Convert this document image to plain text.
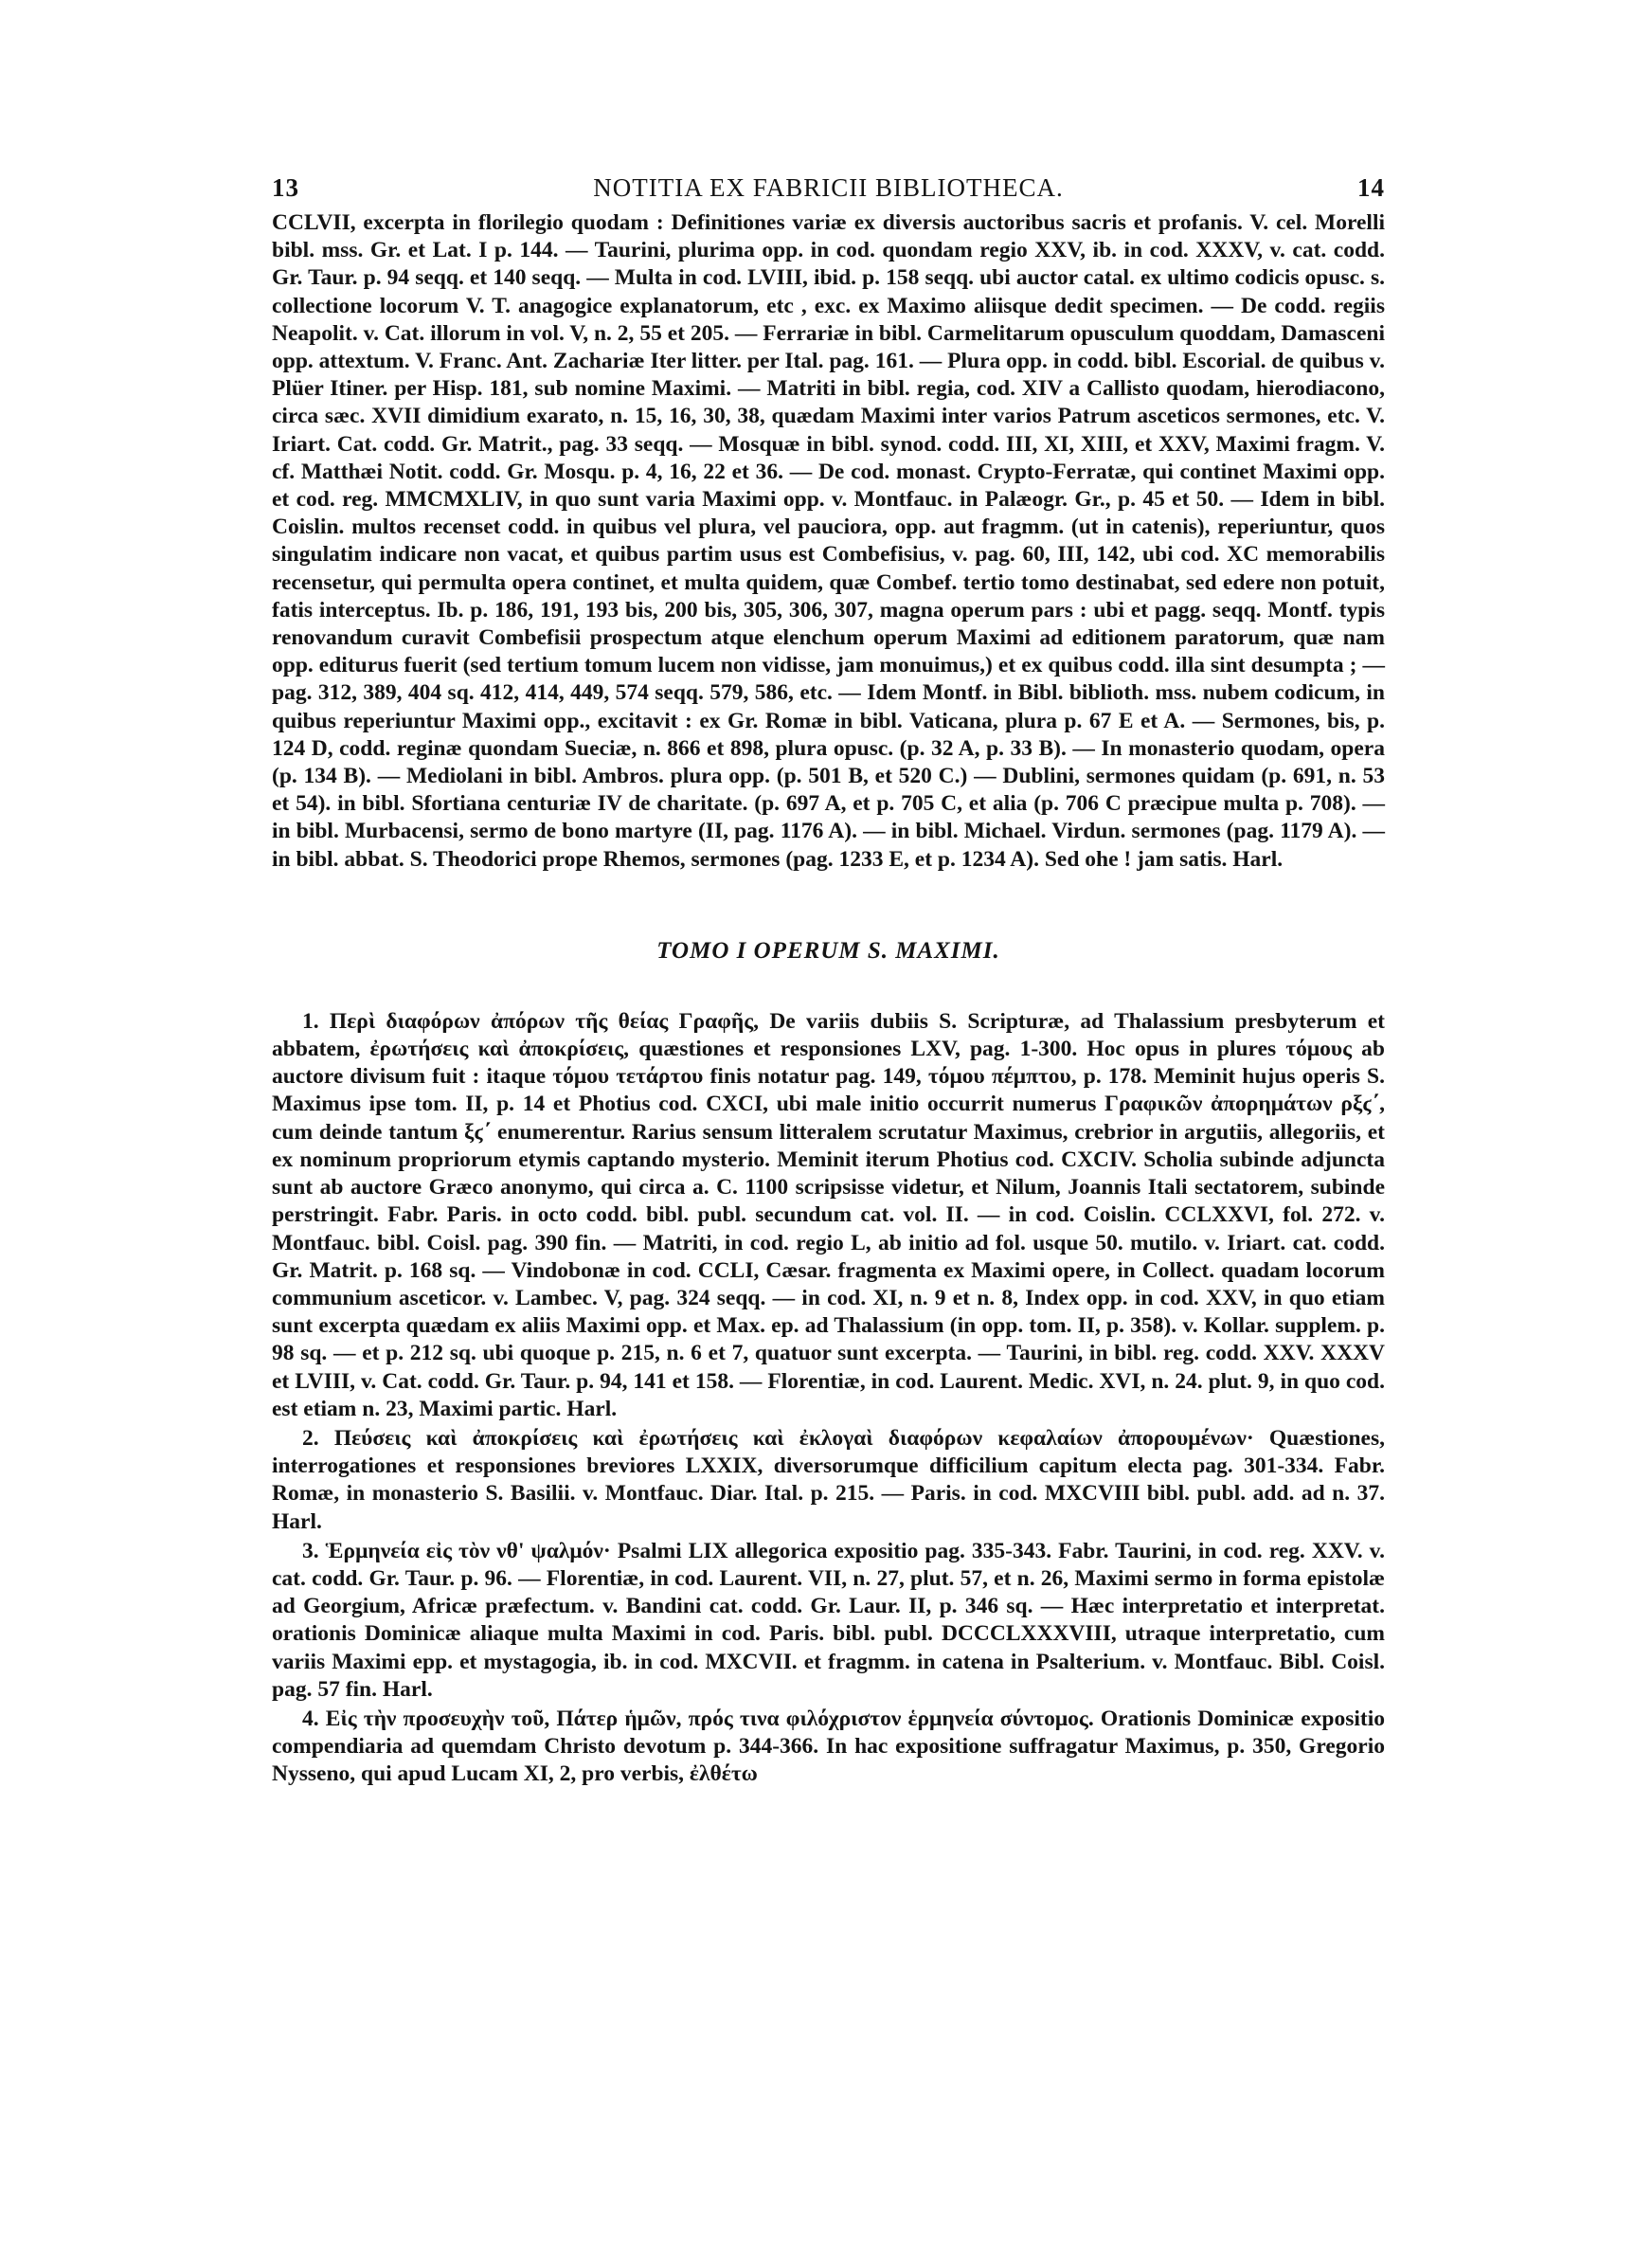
13	NOTITIA EX FABRICII BIBLIOTHECA.	14

CCLVII, excerpta in florilegio quodam : Definitiones variæ ex diversis auctoribus sacris et profanis. V. cel. Morelli bibl. mss. Gr. et Lat. I p. 144. — Taurini, plurima opp. in cod. quondam regio XXV, ib. in cod. XXXV, v. cat. codd. Gr. Taur. p. 94 seqq. et 140 seqq. — Multa in cod. LVIII, ibid. p. 158 seqq. ubi auctor catal. ex ultimo codicis opusc. s. collectione locorum V. T. anagogice explanatorum, etc , exc. ex Maximo aliisque dedit specimen. — De codd. regiis Neapolit. v. Cat. illorum in vol. V, n. 2, 55 et 205. — Ferrariæ in bibl. Carmelitarum opusculum quoddam, Damasceni opp. attextum. V. Franc. Ant. Zachariæ Iter litter. per Ital. pag. 161. — Plura opp. in codd. bibl. Escorial. de quibus v. Plüer Itiner. per Hisp. 181, sub nomine Maximi. — Matriti in bibl. regia, cod. XIV a Callisto quodam, hierodiacono, circa sæc. XVII dimidium exarato, n. 15, 16, 30, 38, quædam Maximi inter varios Patrum asceticos sermones, etc. V. Iriart. Cat. codd. Gr. Matrit., pag. 33 seqq. — Mosquæ in bibl. synod. codd. III, XI, XIII, et XXV, Maximi fragm. V. cf. Matthæi Notit. codd. Gr. Mosqu. p. 4, 16, 22 et 36. — De cod. monast. Crypto-Ferratæ, qui continet Maximi opp. et cod. reg. MMCMXLIV, in quo sunt varia Maximi opp. v. Montfauc. in Palæogr. Gr., p. 45 et 50. — Idem in bibl. Coislin. multos recenset codd. in quibus vel plura, vel pauciora, opp. aut fragmm. (ut in catenis), reperiuntur, quos singulatim indicare non vacat, et quibus partim usus est Combefisius, v. pag. 60, III, 142, ubi cod. XC memorabilis recensetur, qui permulta opera continet, et multa quidem, quæ Combef. tertio tomo destinabat, sed edere non potuit, fatis interceptus. Ib. p. 186, 191, 193 bis, 200 bis, 305, 306, 307, magna operum pars : ubi et pagg. seqq. Montf. typis renovandum curavit Combefisii prospectum atque elenchum operum Maximi ad editionem paratorum, quæ nam opp. editurus fuerit (sed tertium tomum lucem non vidisse, jam monuimus,) et ex quibus codd. illa sint desumpta ; — pag. 312, 389, 404 sq. 412, 414, 449, 574 seqq. 579, 586, etc. — Idem Montf. in Bibl. biblioth. mss. nubem codicum, in quibus reperiuntur Maximi opp., excitavit : ex Gr. Romæ in bibl. Vaticana, plura p. 67 E et A. — Sermones, bis, p. 124 D, codd. reginæ quondam Sueciæ, n. 866 et 898, plura opusc. (p. 32 A, p. 33 B). — In monasterio quodam, opera (p. 134 B). — Mediolani in bibl. Ambros. plura opp. (p. 501 B, et 520 C.) — Dublini, sermones quidam (p. 691, n. 53 et 54). in bibl. Sfortiana centuriæ IV de charitate. (p. 697 A, et p. 705 C, et alia (p. 706 C præcipue multa p. 708). — in bibl. Murbacensi, sermo de bono martyre (II, pag. 1176 A). — in bibl. Michael. Virdun. sermones (pag. 1179 A). — in bibl. abbat. S. Theodorici prope Rhemos, sermones (pag. 1233 E, et p. 1234 A). Sed ohe ! jam satis. Harl.

TOMO I OPERUM S. MAXIMI.

1. Περὶ διαφόρων ἀπόρων τῆς θείας Γραφῆς, De variis dubiis S. Scripturæ, ad Thalassium presbyterum et abbatem, ἐρωτήσεις καὶ ἀποκρίσεις, quæstiones et responsiones LXV, pag. 1-300. Hoc opus in plures τόμους ab auctore divisum fuit : itaque τόμου τετάρτου finis notatur pag. 149, τόμου πέμπτου, p. 178. Meminit hujus operis S. Maximus ipse tom. II, p. 14 et Photius cod. CXCI, ubi male initio occurrit numerus Γραφικῶν ἀπορημάτων ρξϛ΄, cum deinde tantum ξϛ΄ enumerentur. Rarius sensum litteralem scrutatur Maximus, crebrior in argutiis, allegoriis, et ex nominum propriorum etymis captando mysterio. Meminit iterum Photius cod. CXCIV. Scholia subinde adjuncta sunt ab auctore Græco anonymo, qui circa a. C. 1100 scripsisse videtur, et Nilum, Joannis Itali sectatorem, subinde perstringit. Fabr. Paris. in octo codd. bibl. publ. secundum cat. vol. II. — in cod. Coislin. CCLXXVI, fol. 272. v. Montfauc. bibl. Coisl. pag. 390 fin. — Matriti, in cod. regio L, ab initio ad fol. usque 50. mutilo. v. Iriart. cat. codd. Gr. Matrit. p. 168 sq. — Vindobonæ in cod. CCLI, Cæsar. fragmenta ex Maximi opere, in Collect. quadam locorum communium asceticor. v. Lambec. V, pag. 324 seqq. — in cod. XI, n. 9 et n. 8, Index opp. in cod. XXV, in quo etiam sunt excerpta quædam ex aliis Maximi opp. et Max. ep. ad Thalassium (in opp. tom. II, p. 358). v. Kollar. supplem. p. 98 sq. — et p. 212 sq. ubi quoque p. 215, n. 6 et 7, quatuor sunt excerpta. — Taurini, in bibl. reg. codd. XXV. XXXV et LVIII, v. Cat. codd. Gr. Taur. p. 94, 141 et 158. — Florentiæ, in cod. Laurent. Medic. XVI, n. 24. plut. 9, in quo cod. est etiam n. 23, Maximi partic. Harl.

2. Πεύσεις καὶ ἀποκρίσεις καὶ ἐρωτήσεις καὶ ἐκλογαὶ διαφόρων κεφαλαίων ἀπορουμένων· Quæstiones, interrogationes et responsiones breviores LXXIX, diversorumque difficilium capitum electa pag. 301-334. Fabr. Romæ, in monasterio S. Basilii. v. Montfauc. Diar. Ital. p. 215. — Paris. in cod. MXCVIII bibl. publ. add. ad n. 37. Harl.

3. Ἑρμηνεία εἰς τὸν νθ' ψαλμόν· Psalmi LIX allegorica expositio pag. 335-343. Fabr. Taurini, in cod. reg. XXV. v. cat. codd. Gr. Taur. p. 96. — Florentiæ, in cod. Laurent. VII, n. 27, plut. 57, et n. 26, Maximi sermo in forma epistolæ ad Georgium, Africæ præfectum. v. Bandini cat. codd. Gr. Laur. II, p. 346 sq. — Hæc interpretatio et interpretat. orationis Dominicæ aliaque multa Maximi in cod. Paris. bibl. publ. DCCCLXXXVIII, utraque interpretatio, cum variis Maximi epp. et mystagogia, ib. in cod. MXCVII. et fragmm. in catena in Psalterium. v. Montfauc. Bibl. Coisl. pag. 57 fin. Harl.

4. Εἰς τὴν προσευχὴν τοῦ, Πάτερ ἡμῶν, πρός τινα φιλόχριστον ἑρμηνεία σύντομος. Orationis Dominicæ expositio compendiaria ad quemdam Christo devotum p. 344-366. In hac expositione suffragatur Maximus, p. 350, Gregorio Nysseno, qui apud Lucam XI, 2, pro verbis, ἐλθέτω
